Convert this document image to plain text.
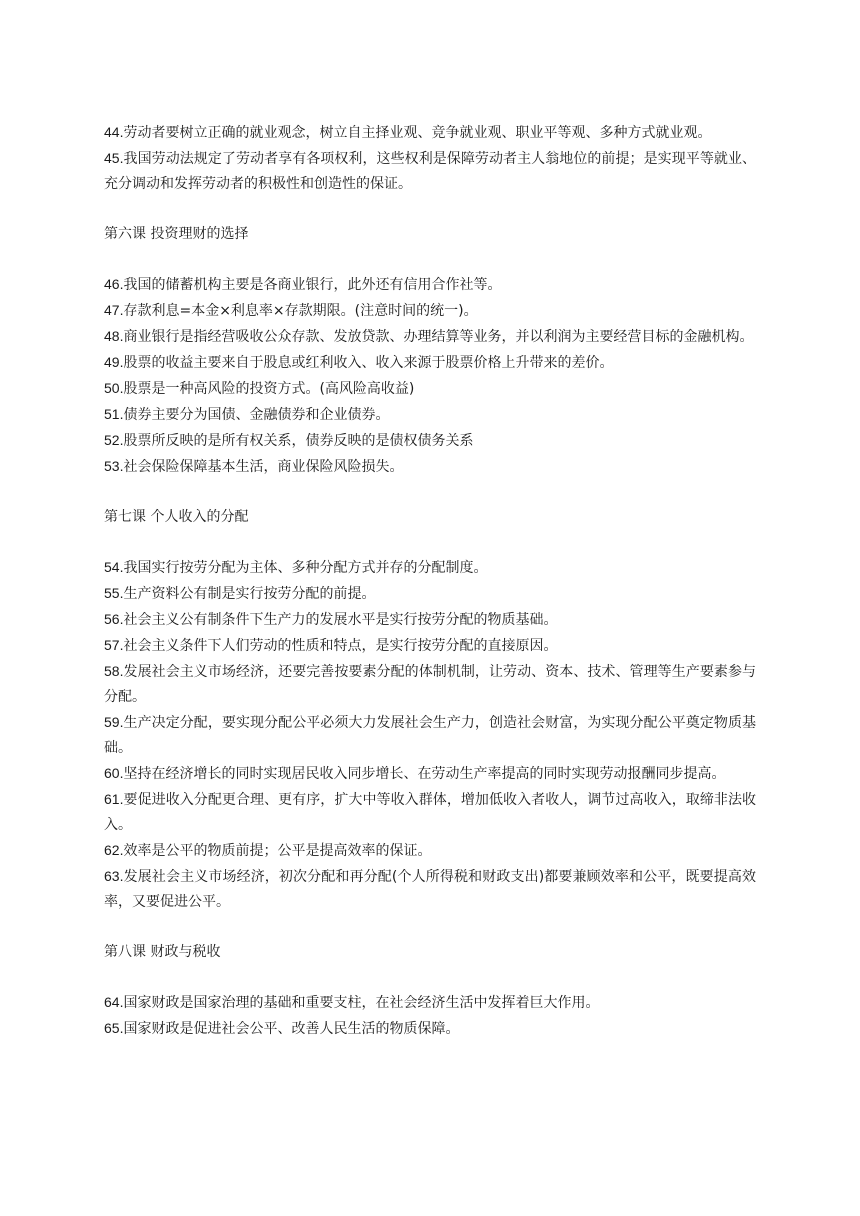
44.劳动者要树立正确的就业观念，树立自主择业观、竞争就业观、职业平等观、多种方式就业观。

45.我国劳动法规定了劳动者享有各项权利，这些权利是保障劳动者主人翁地位的前提；是实现平等就业、充分调动和发挥劳动者的积极性和创造性的保证。

第六课 投资理财的选择

46.我国的储蓄机构主要是各商业银行，此外还有信用合作社等。

47.存款利息=本金×利息率×存款期限。(注意时间的统一)。

48.商业银行是指经营吸收公众存款、发放贷款、办理结算等业务，并以利润为主要经营目标的金融机构。

49.股票的收益主要来自于股息或红利收入、收入来源于股票价格上升带来的差价。

50.股票是一种高风险的投资方式。(高风险高收益)

51.债券主要分为国债、金融债券和企业债券。

52.股票所反映的是所有权关系，债券反映的是债权债务关系

53.社会保险保障基本生活，商业保险风险损失。

第七课 个人收入的分配

54.我国实行按劳分配为主体、多种分配方式并存的分配制度。

55.生产资料公有制是实行按劳分配的前提。

56.社会主义公有制条件下生产力的发展水平是实行按劳分配的物质基础。

57.社会主义条件下人们劳动的性质和特点，是实行按劳分配的直接原因。

58.发展社会主义市场经济，还要完善按要素分配的体制机制，让劳动、资本、技术、管理等生产要素参与分配。

59.生产决定分配，要实现分配公平必须大力发展社会生产力，创造社会财富，为实现分配公平奠定物质基础。

60.坚持在经济增长的同时实现居民收入同步增长、在劳动生产率提高的同时实现劳动报酬同步提高。

61.要促进收入分配更合理、更有序，扩大中等收入群体，增加低收入者收人，调节过高收入，取缔非法收入。

62.效率是公平的物质前提；公平是提高效率的保证。

63.发展社会主义市场经济，初次分配和再分配(个人所得税和财政支出)都要兼顾效率和公平，既要提高效率，又要促进公平。

第八课 财政与税收

64.国家财政是国家治理的基础和重要支柱，在社会经济生活中发挥着巨大作用。

65.国家财政是促进社会公平、改善人民生活的物质保障。
